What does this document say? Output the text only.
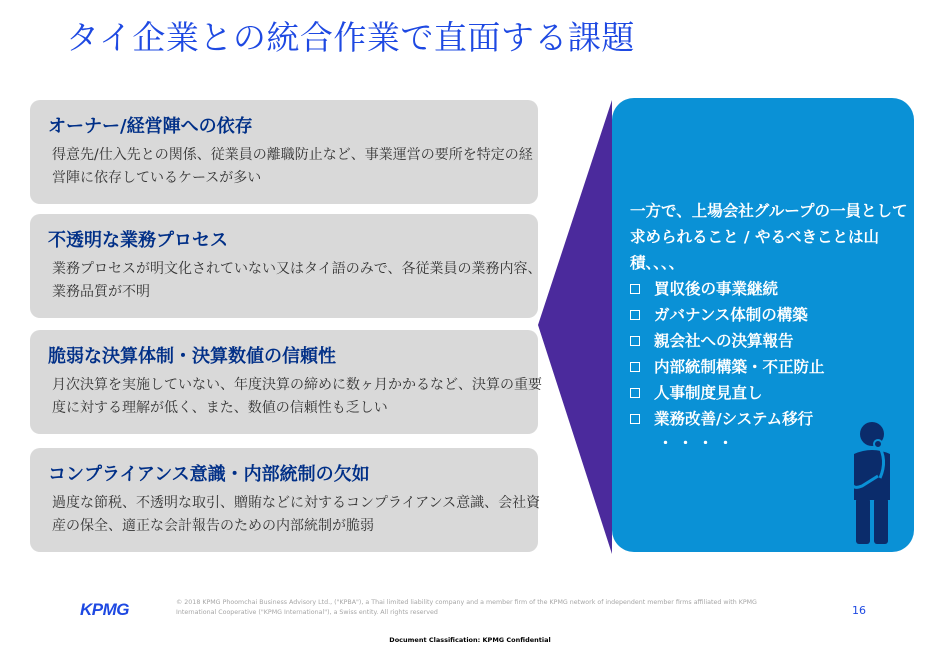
タイ企業との統合作業で直面する課題
オーナー/経営陣への依存
得意先/仕入先との関係、従業員の離職防止など、事業運営の要所を特定の経営陣に依存しているケースが多い
不透明な業務プロセス
業務プロセスが明文化されていない又はタイ語のみで、各従業員の業務内容、業務品質が不明
脆弱な決算体制・決算数値の信頼性
月次決算を実施していない、年度決算の締めに数ヶ月かかるなど、決算の重要度に対する理解が低く、また、数値の信頼性も乏しい
コンプライアンス意識・内部統制の欠如
過度な節税、不透明な取引、贈賄などに対するコンプライアンス意識、会社資産の保全、適正な会計報告のための内部統制が脆弱
一方で、上場会社グループの一員として求められること / やるべきことは山積、、、、
買収後の事業継続
ガバナンス体制の構築
親会社への決算報告
内部統制構築・不正防止
人事制度見直し
業務改善/システム移行
・・・・
KPMG	© 2018 KPMG Phoomchai Business Advisory Ltd., ("KPBA"), a Thai limited liability company and a member firm of the KPMG network of independent member firms affiliated with KPMG International Cooperative ("KPMG International"), a Swiss entity. All rights reserved	16
Document Classification: KPMG Confidential
